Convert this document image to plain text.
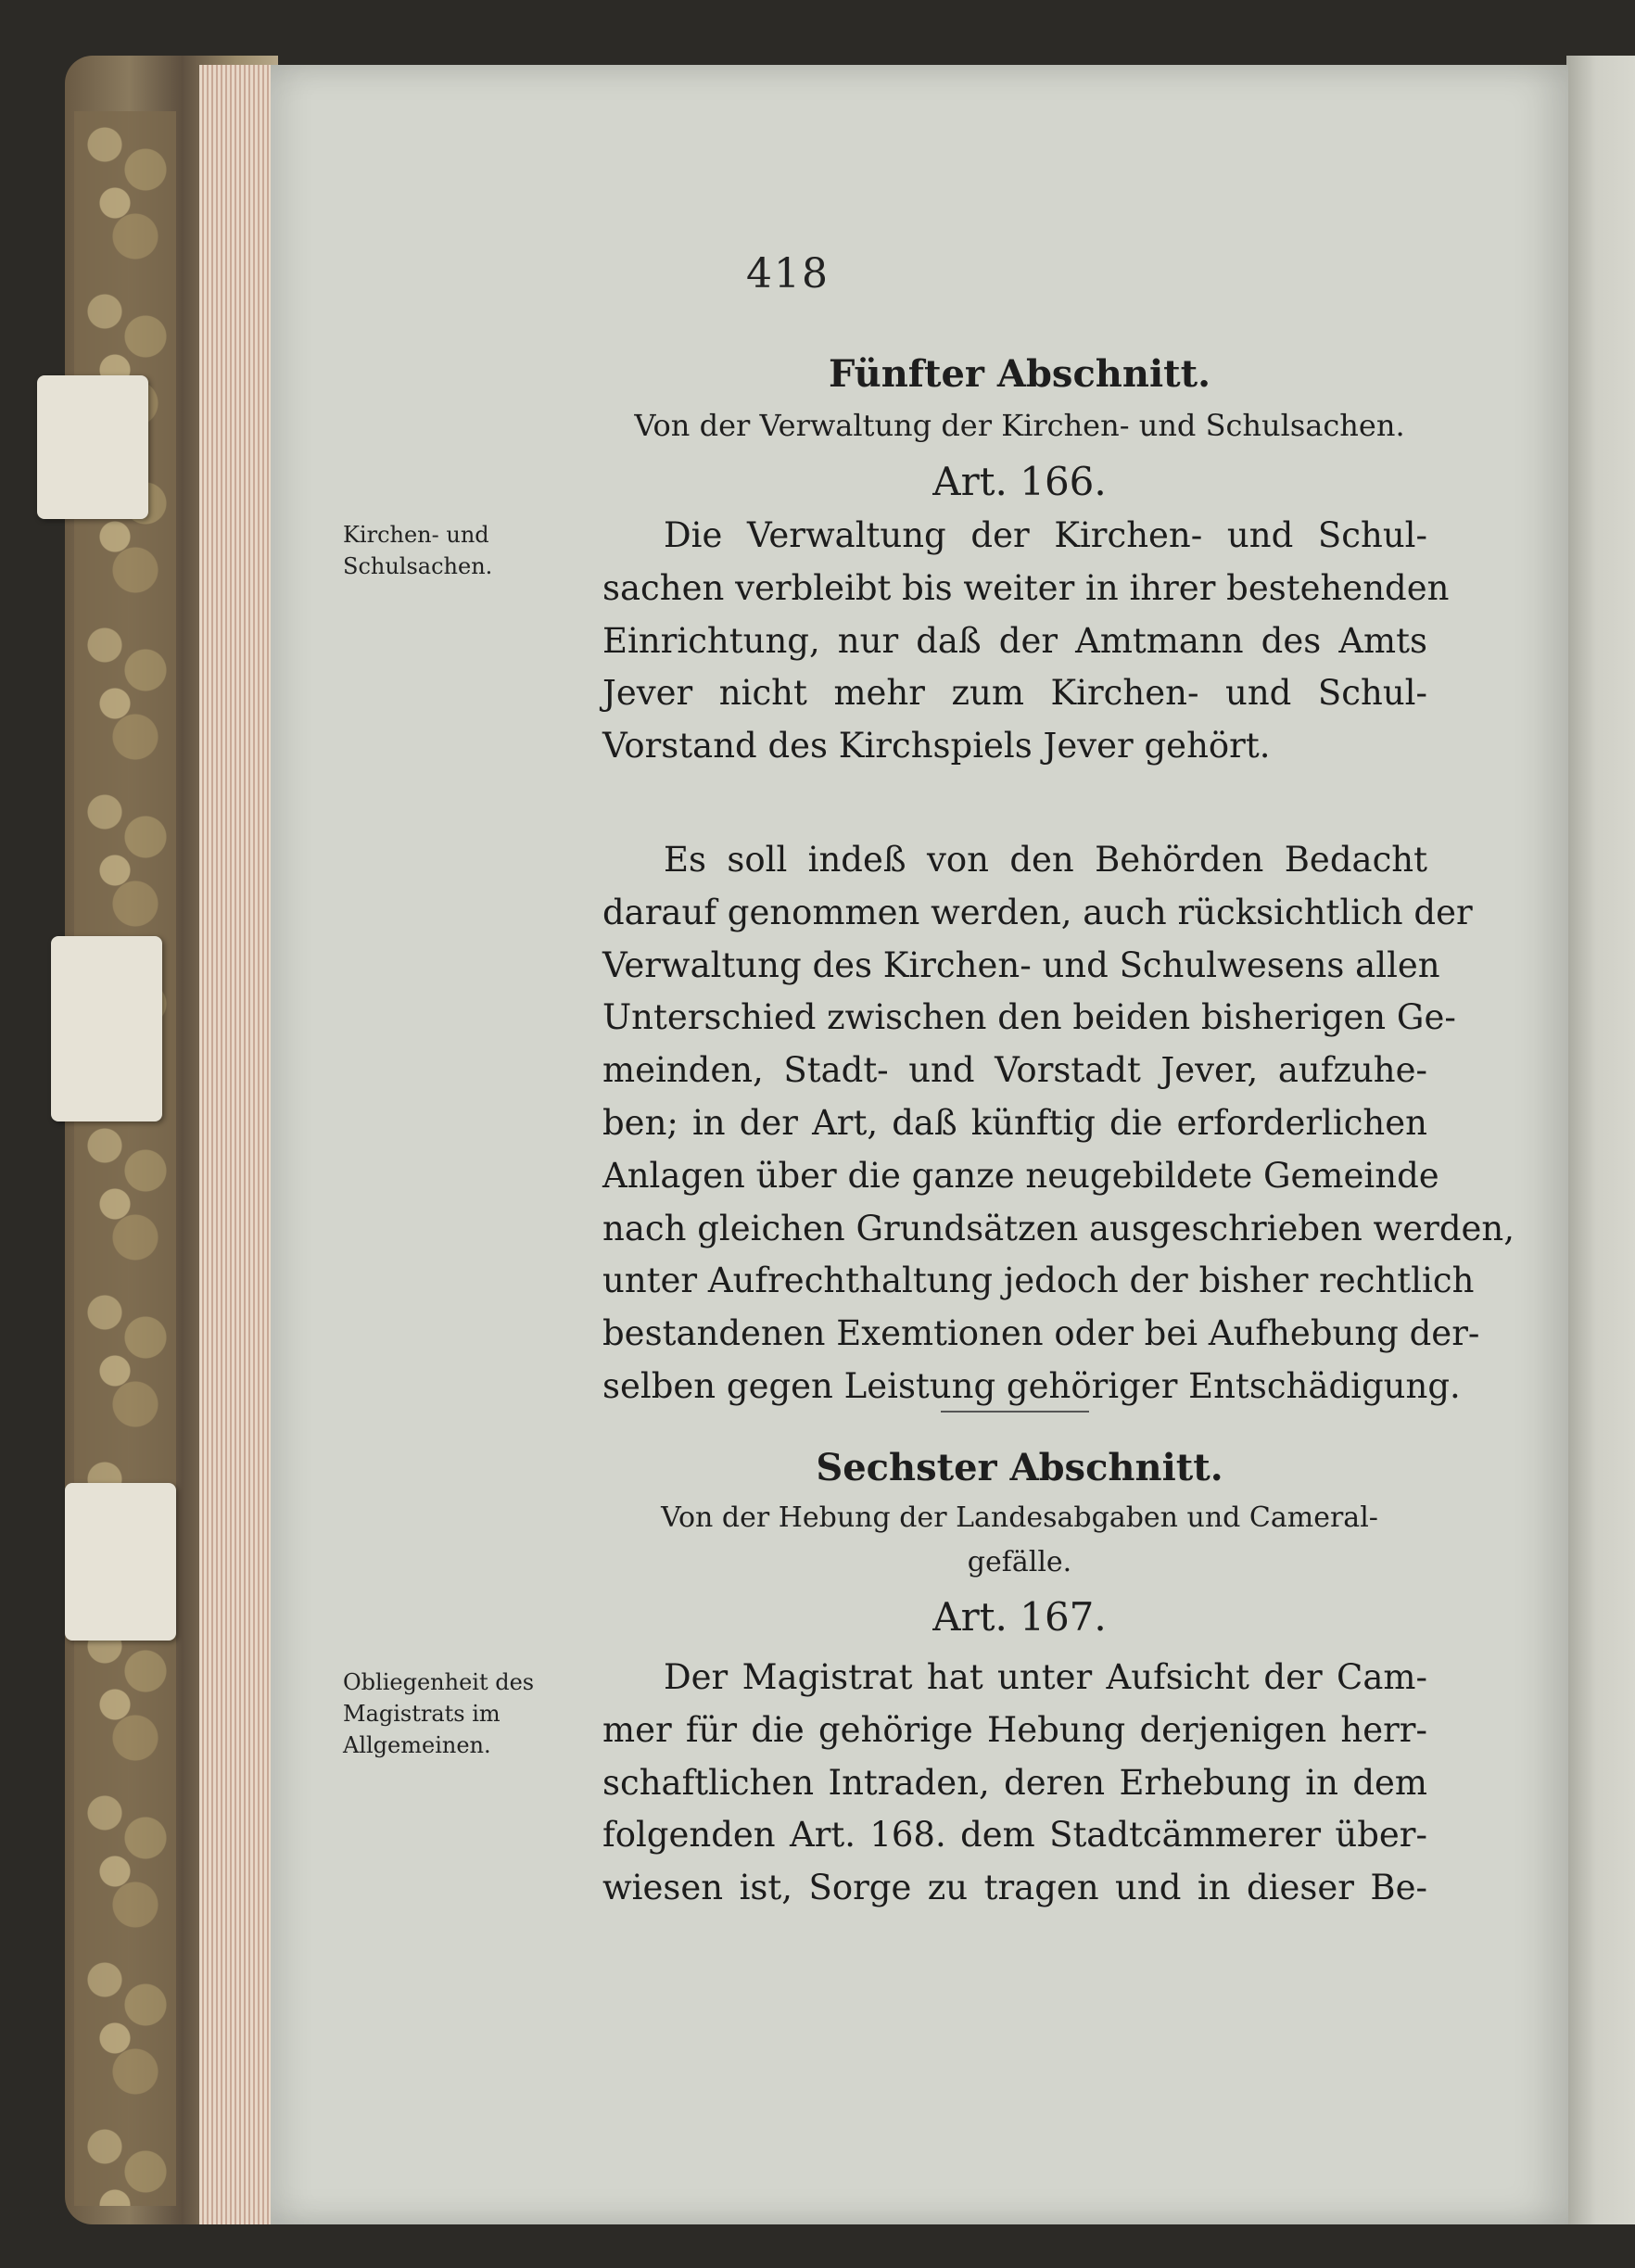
418
Fünfter Abschnitt.
Von der Verwaltung der Kirchen- und Schulsachen.
Art. 166.
Kirchen- und
Schulsachen.
Die Verwaltung der Kirchen- und Schul-
sachen verbleibt bis weiter in ihrer bestehenden
Einrichtung, nur daß der Amtmann des Amts
Jever nicht mehr zum Kirchen- und Schul-
Vorstand des Kirchspiels Jever gehört.
Es soll indeß von den Behörden Bedacht
darauf genommen werden, auch rücksichtlich der
Verwaltung des Kirchen- und Schulwesens allen
Unterschied zwischen den beiden bisherigen Ge-
meinden, Stadt- und Vorstadt Jever, aufzuhe-
ben; in der Art, daß künftig die erforderlichen
Anlagen über die ganze neugebildete Gemeinde
nach gleichen Grundsätzen ausgeschrieben werden,
unter Aufrechthaltung jedoch der bisher rechtlich
bestandenen Exemtionen oder bei Aufhebung der-
selben gegen Leistung gehöriger Entschädigung.
Sechster Abschnitt.
Von der Hebung der Landesabgaben und Cameral-
gefälle.
Art. 167.
Obliegenheit des
Magistrats im
Allgemeinen.
Der Magistrat hat unter Aufsicht der Cam-
mer für die gehörige Hebung derjenigen herr-
schaftlichen Intraden, deren Erhebung in dem
folgenden Art. 168. dem Stadtcämmerer über-
wiesen ist, Sorge zu tragen und in dieser Be-
